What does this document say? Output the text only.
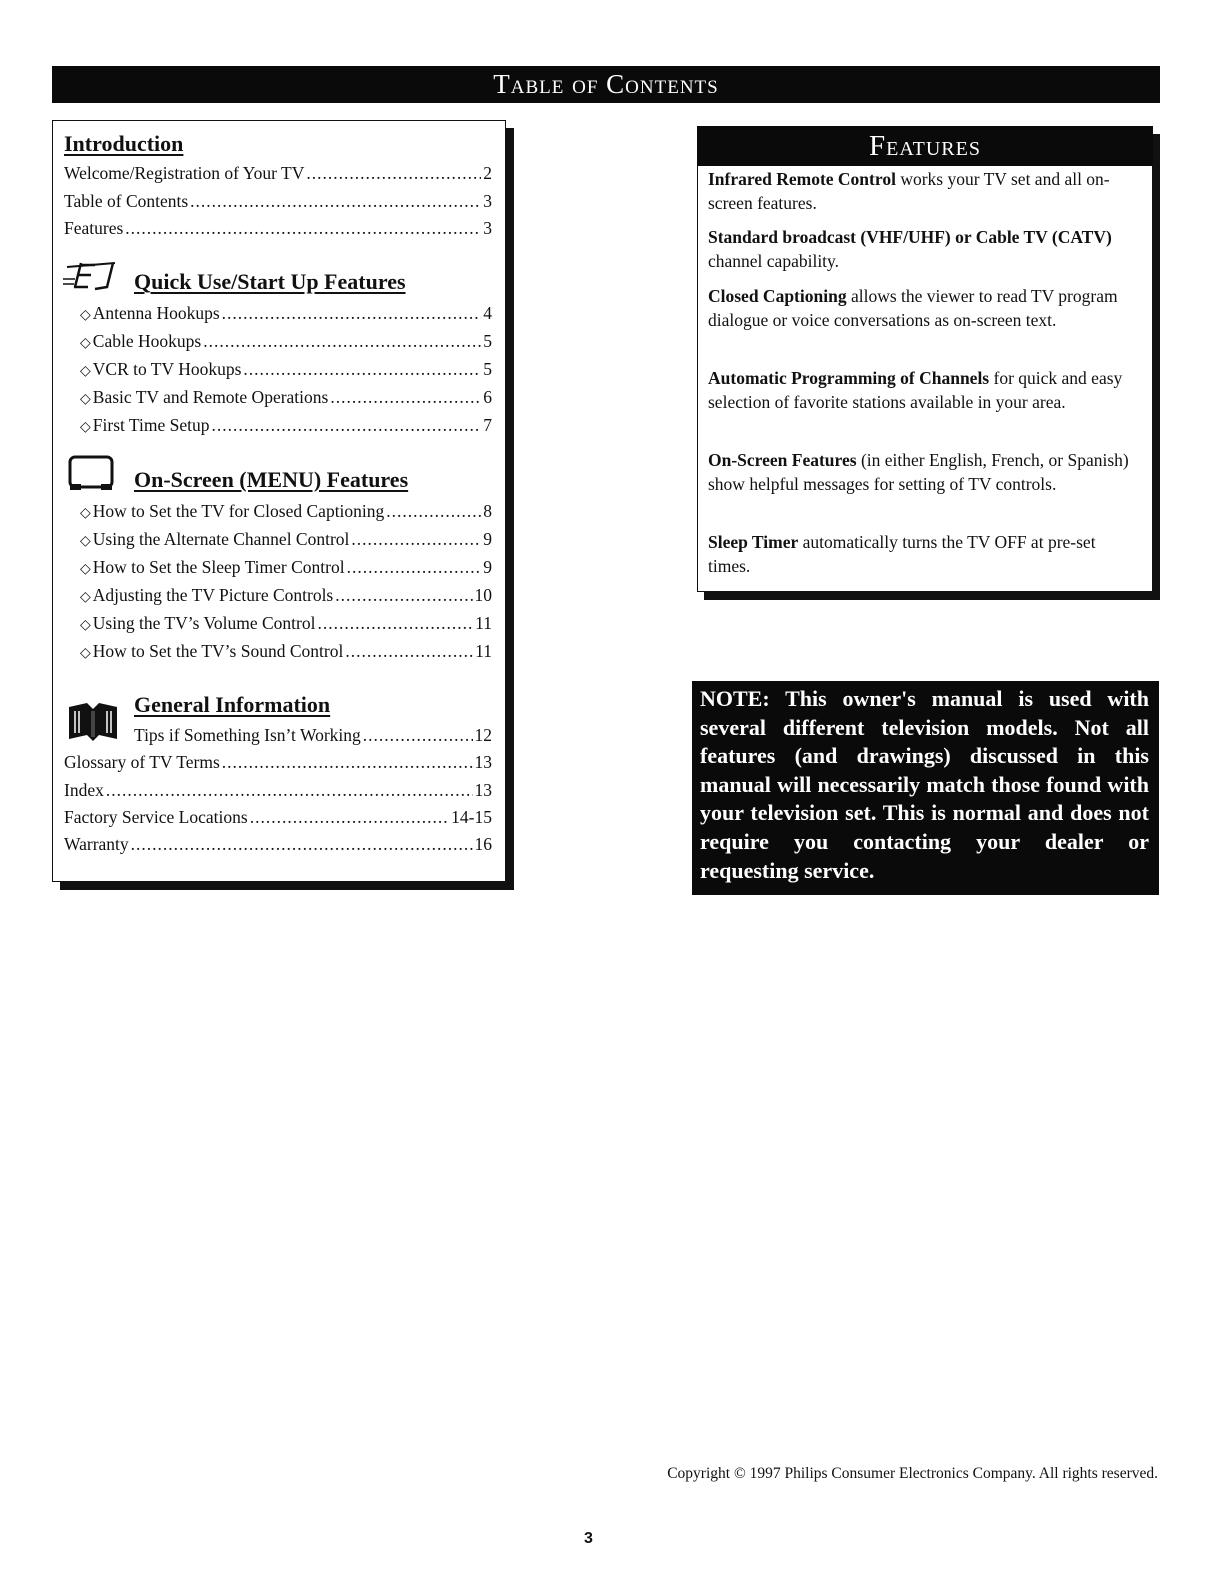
Table of Contents
Introduction
Welcome/Registration of Your TV .....	2
Table of Contents .....	3
Features .....	3
Quick Use/Start Up Features
◇ Antenna Hookups .....	4
◇ Cable Hookups .....	5
◇ VCR to TV Hookups .....	5
◇ Basic TV and Remote Operations .....	6
◇ First Time Setup .....	7
On-Screen (MENU) Features
◇ How to Set the TV for Closed Captioning .....	8
◇ Using the Alternate Channel Control .....	9
◇ How to Set the Sleep Timer Control .....	9
◇ Adjusting the TV Picture Controls .....	10
◇ Using the TV’s Volume Control .....	11
◇ How to Set the TV’s Sound Control .....	11
General Information
Tips if Something Isn’t Working .....	12
Glossary of TV Terms .....	13
Index .....	13
Factory Service Locations .....	14-15
Warranty .....	16
Features
Infrared Remote Control works your TV set and all on-screen features.
Standard broadcast (VHF/UHF) or Cable TV (CATV) channel capability.
Closed Captioning allows the viewer to read TV program dialogue or voice conversations as on-screen text.
Automatic Programming of Channels for quick and easy selection of favorite stations available in your area.
On-Screen Features (in either English, French, or Spanish) show helpful messages for setting of TV controls.
Sleep Timer automatically turns the TV OFF at pre-set times.
NOTE: This owner's manual is used with several different television models. Not all features (and drawings) discussed in this manual will necessarily match those found with your television set. This is normal and does not require you contacting your dealer or requesting service.
Copyright © 1997 Philips Consumer Electronics Company. All rights reserved.
3
